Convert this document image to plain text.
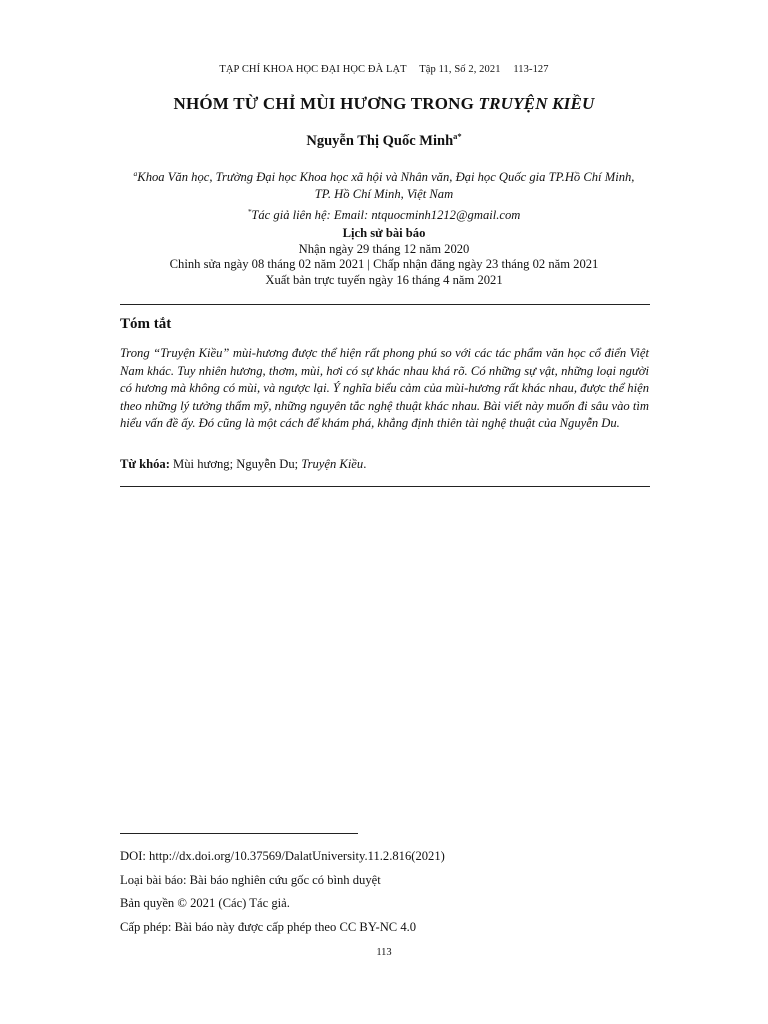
TẠP CHÍ KHOA HỌC ĐẠI HỌC ĐÀ LẠT Tập 11, Số 2, 2021 113-127
NHÓM TỪ CHỈ MÙI HƯƠNG TRONG TRUYỆN KIỀU
Nguyễn Thị Quốc Minh$^{a*}$
$^a$Khoa Văn học, Trường Đại học Khoa học xã hội và Nhân văn, Đại học Quốc gia TP.Hồ Chí Minh,
TP. Hồ Chí Minh, Việt Nam
*Tác giả liên hệ: Email: ntquocminh1212@gmail.com
Lịch sử bài báo
Nhận ngày 29 tháng 12 năm 2020
Chỉnh sửa ngày 08 tháng 02 năm 2021 | Chấp nhận đăng ngày 23 tháng 02 năm 2021
Xuất bản trực tuyến ngày 16 tháng 4 năm 2021
Tóm tắt
Trong “Truyện Kiều” mùi-hương được thể hiện rất phong phú so với các tác phẩm văn học cổ điển Việt Nam khác. Tuy nhiên hương, thơm, mùi, hơi có sự khác nhau khá rõ. Có những sự vật, những loại người có hương mà không có mùi, và ngược lại. Ý nghĩa biểu cảm của mùi-hương rất khác nhau, được thể hiện theo những lý tưởng thẩm mỹ, những nguyên tắc nghệ thuật khác nhau. Bài viết này muốn đi sâu vào tìm hiểu vấn đề ấy. Đó cũng là một cách để khám phá, khẳng định thiên tài nghệ thuật của Nguyễn Du.
Từ khóa: Mùi hương; Nguyễn Du; Truyện Kiều.
DOI: http://dx.doi.org/10.37569/DalatUniversity.11.2.816(2021)
Loại bài báo: Bài báo nghiên cứu gốc có bình duyệt
Bản quyền © 2021 (Các) Tác giả.
Cấp phép: Bài báo này được cấp phép theo CC BY-NC 4.0
113
